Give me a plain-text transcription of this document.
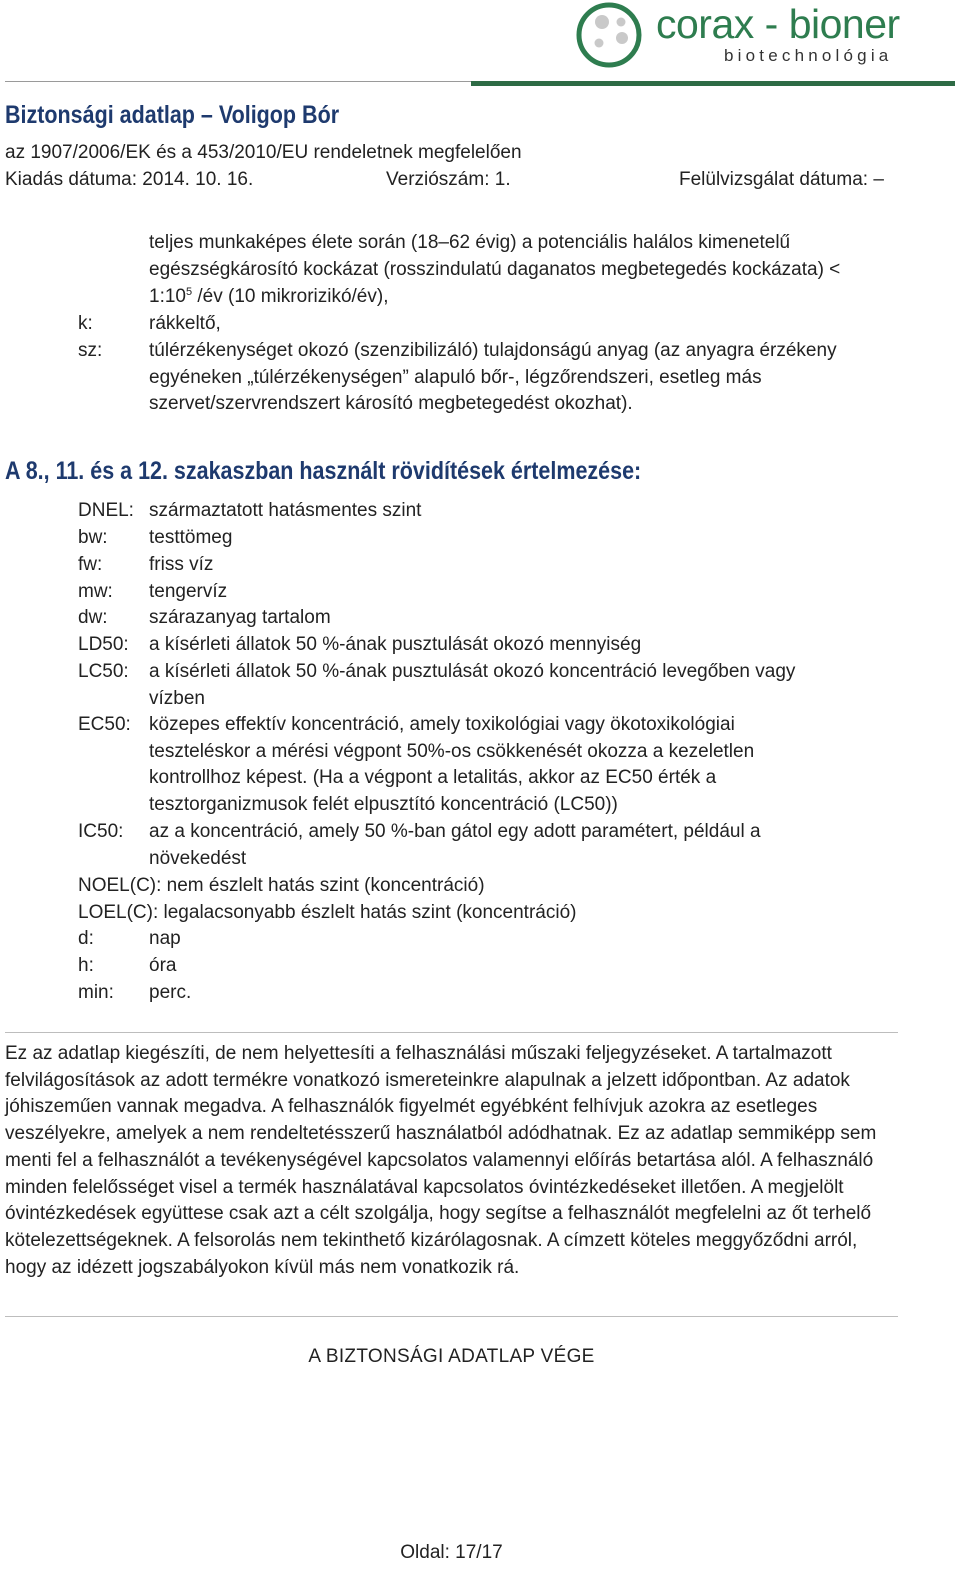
corax - bioner
biotechnológia
Biztonsági adatlap – Voligop Bór
az 1907/2006/EK és a 453/2010/EU rendeletnek megfelelően
Kiadás dátuma: 2014. 10. 16.	Verziószám: 1.	Felülvizsgálat dátuma: –
teljes munkaképes élete során (18–62 évig) a potenciális halálos kimenetelű
egészségkárosító kockázat (rosszindulatú daganatos megbetegedés kockázata) <
$1:10^5$ /év (10 mikrorizikó/év),
k:	rákkeltő,
sz: túlérzékenységet okozó (szenzibilizáló) tulajdonságú anyag (az anyagra érzékeny egyéneken „túlérzékenységen” alapuló bőr-, légzőrendszeri, esetleg más szervet/szervrendszert károsító megbetegedést okozhat).
A 8., 11. és a 12. szakaszban használt rövidítések értelmezése:
DNEL: származtatott hatásmentes szint
bw: testtömeg
fw: friss víz
mw: tengervíz
dw: szárazanyag tartalom
LD50: a kísérleti állatok 50 %-ának pusztulását okozó mennyiség
LC50: a kísérleti állatok 50 %-ának pusztulását okozó koncentráció levegőben vagy vízben
EC50: közepes effektív koncentráció, amely toxikológiai vagy ökotoxikológiai teszteléskor a mérési végpont 50%-os csökkenését okozza a kezeletlen kontrollhoz képest. (Ha a végpont a letalitás, akkor az EC50 érték a tesztorganizmusok felét elpusztító koncentráció (LC50))
IC50: az a koncentráció, amely 50 %-ban gátol egy adott paramétert, például a növekedést
NOEL(C): nem észlelt hatás szint (koncentráció)
LOEL(C): legalacsonyabb észlelt hatás szint (koncentráció)
d:	nap
h:	óra
min: perc.
Ez az adatlap kiegészíti, de nem helyettesíti a felhasználási műszaki feljegyzéseket. A tartalmazott felvilágosítások az adott termékre vonatkozó ismereteinkre alapulnak a jelzett időpontban. Az adatok jóhiszeműen vannak megadva. A felhasználók figyelmét egyébként felhívjuk azokra az esetleges veszélyekre, amelyek a nem rendeltetésszerű használatból adódhatnak. Ez az adatlap semmiképp sem menti fel a felhasználót a tevékenységével kapcsolatos valamennyi előírás betartása alól. A felhasználó minden felelősséget visel a termék használatával kapcsolatos óvintézkedéseket illetően. A megjelölt óvintézkedések együttese csak azt a célt szolgálja, hogy segítse a felhasználót megfelelni az őt terhelő kötelezettségeknek. A felsorolás nem tekinthető kizárólagosnak. A címzett köteles meggyőződni arról, hogy az idézett jogszabályokon kívül más nem vonatkozik rá.
A BIZTONSÁGI ADATLAP VÉGE
Oldal: 17/17
